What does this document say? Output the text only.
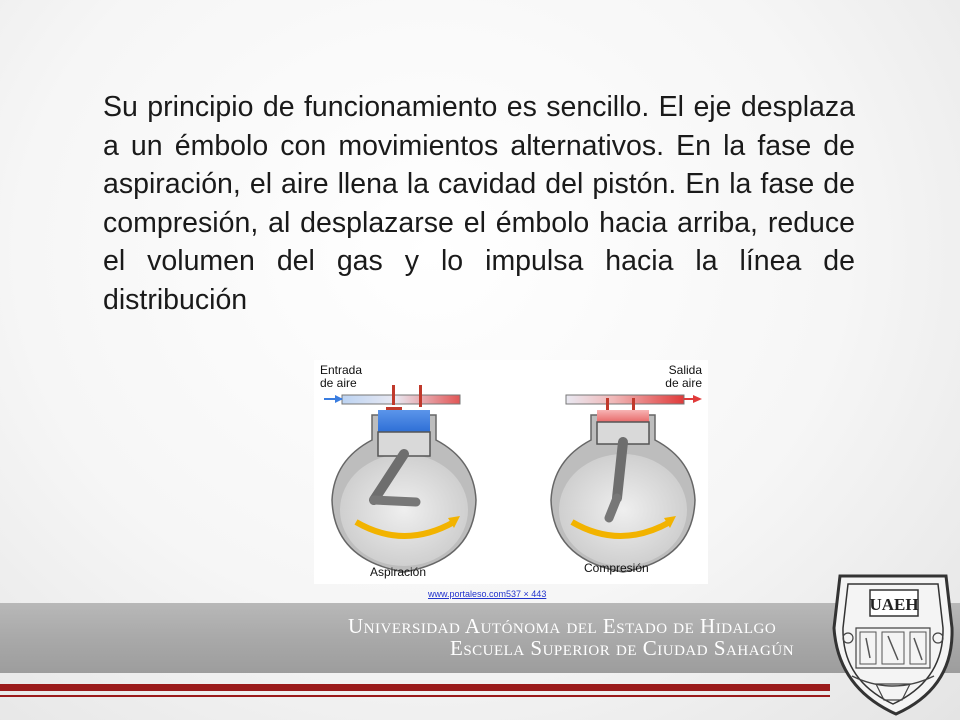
Su principio de funcionamiento es sencillo. El eje desplaza a un émbolo con movimientos alternativos. En la fase de aspiración, el aire llena la cavidad del pistón. En la fase de compresión, al desplazarse el émbolo hacia arriba, reduce el volumen del gas y lo impulsa hacia la línea de distribución

Entrada
de aire
Salida
de aire
Aspiración	Compresión
www.portaleso.com537 × 443
Universidad Autónoma del Estado de Hidalgo
Escuela Superior de Ciudad Sahagún
UAEH
